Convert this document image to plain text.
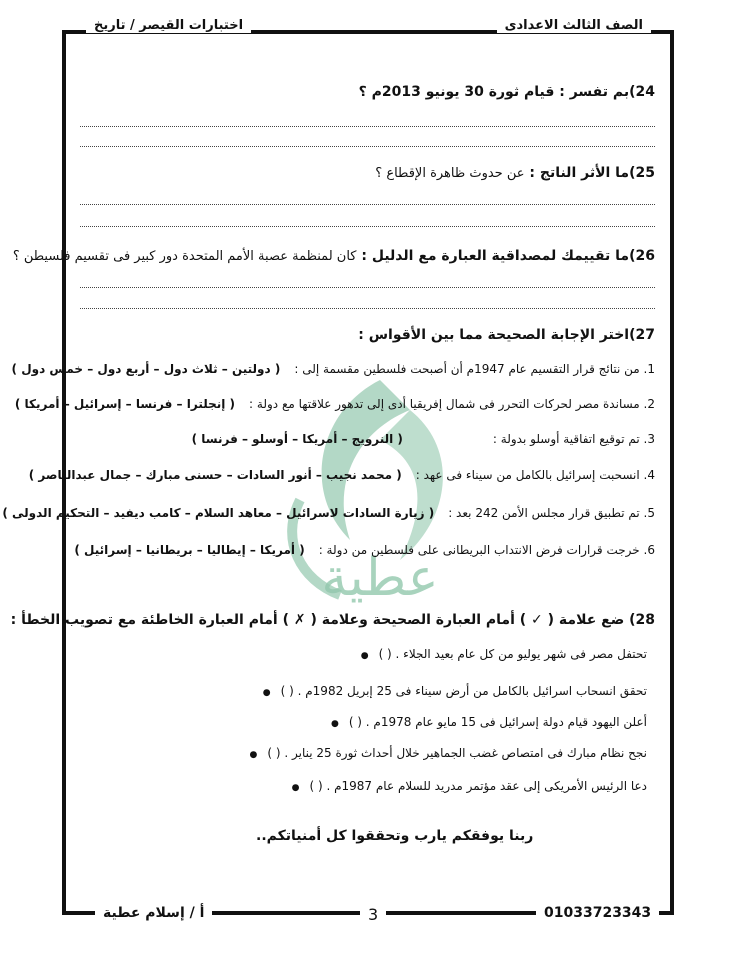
الصف الثالث الاعدادى
اختبارات القيصر / تاريخ
عطية
24)بم تفسر : قيام ثورة 30 يونيو 2013م ؟
25)ما الأثر الناتج : عن حدوث ظاهرة الإقطاع ؟
26)ما تقييمك لمصداقية العبارة مع الدليل : كان لمنظمة عصبة الأمم المتحدة دور كبير فى تقسيم فلسيطن ؟
27)اختر الإجابة الصحيحة مما بين الأقواس :
1. من نتائج قرار التقسيم عام 1947م أن أصبحت فلسطين مقسمة إلى :( دولتين – ثلاث دول – أربع دول – خمس دول )
2. مساندة مصر لحركات التحرر فى شمال إفريقيا أدى إلى تدهور علاقتها مع دولة :( إنجلترا – فرنسا – إسرائيل – أمريكا )
3. تم توقيع اتفاقية أوسلو بدولة :( النرويج – أمريكا – أوسلو – فرنسا )
4. انسحبت إسرائيل بالكامل من سيناء فى عهد :( محمد نجيب – أنور السادات – حسنى مبارك – جمال عبدالناصر )
5. تم تطبيق قرار مجلس الأمن 242 بعد :( زيارة السادات لاسرائيل – معاهد السلام – كامب ديفيد – التحكيم الدولى )
6. خرجت قرارات فرض الانتداب البريطانى على فلسطين من دولة :( أمريكا – إيطاليا – بريطانيا – إسرائيل )
28) ضع علامة ( ✓ ) أمام العبارة الصحيحة وعلامة ( ✗ ) أمام العبارة الخاطئة مع تصويب الخطأ :
تحتفل مصر فى شهر يوليو من كل عام بعيد الجلاء . ( ) ●
تحقق انسحاب اسرائيل بالكامل من أرض سيناء فى 25 إبريل 1982م . ( ) ●
أعلن اليهود قيام دولة إسرائيل فى 15 مايو عام 1978م . ( ) ●
نجح نظام مبارك فى امتصاص غضب الجماهير خلال أحداث ثورة 25 يناير . ( ) ●
دعا الرئيس الأمريكى إلى عقد مؤتمر مدريد للسلام عام 1987م . ( ) ●
ربنا يوفقكم يارب وتحققوا كل أمنياتكم..
01033723343
3
أ / إسلام عطية
